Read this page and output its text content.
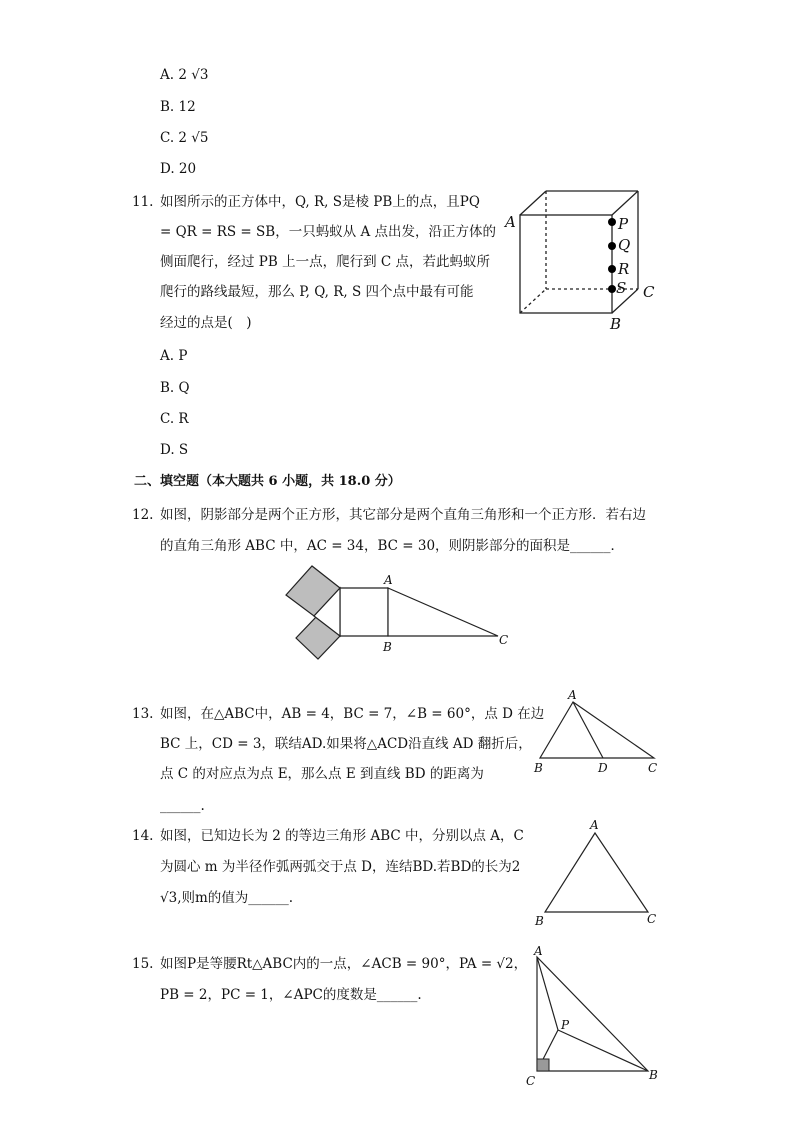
A. 2 √3
B. 12
C. 2 √5
D. 20
11. 如图所示的正方体中，Q, R, S是棱 PB上的点，且PQ
= QR = RS = SB，一只蚂蚁从 A 点出发，沿正方体的
侧面爬行，经过 PB 上一点，爬行到 C 点，若此蚂蚁所
爬行的路线最短，那么 P, Q, R, S 四个点中最有可能
经过的点是(　)
A. P
B. Q
C. R
D. S
A	P
Q
R
S C
B
二、填空题（本大题共 6 小题，共 18.0 分）
12. 如图，阴影部分是两个正方形，其它部分是两个直角三角形和一个正方形．若右边
的直角三角形 ABC 中，AC = 34，BC = 30，则阴影部分的面积是______．
A
B	C
13. 如图，在△ABC中，AB = 4，BC = 7，∠B = 60°，点 D 在边
BC 上，CD = 3，联结AD.如果将△ACD沿直线 AD 翻折后，
点 C 的对应点为点 E，那么点 E 到直线 BD 的距离为
______.
A
B	D	C
14. 如图，已知边长为 2 的等边三角形 ABC 中，分别以点 A，C
为圆心 m 为半径作弧两弧交于点 D，连结BD.若BD的长为2
√3,则m的值为______.
A
B	C
15. 如图P是等腰Rt△ABC内的一点，∠ACB = 90°，PA = √2，
PB = 2，PC = 1，∠APC的度数是______.
A
P
C	B
